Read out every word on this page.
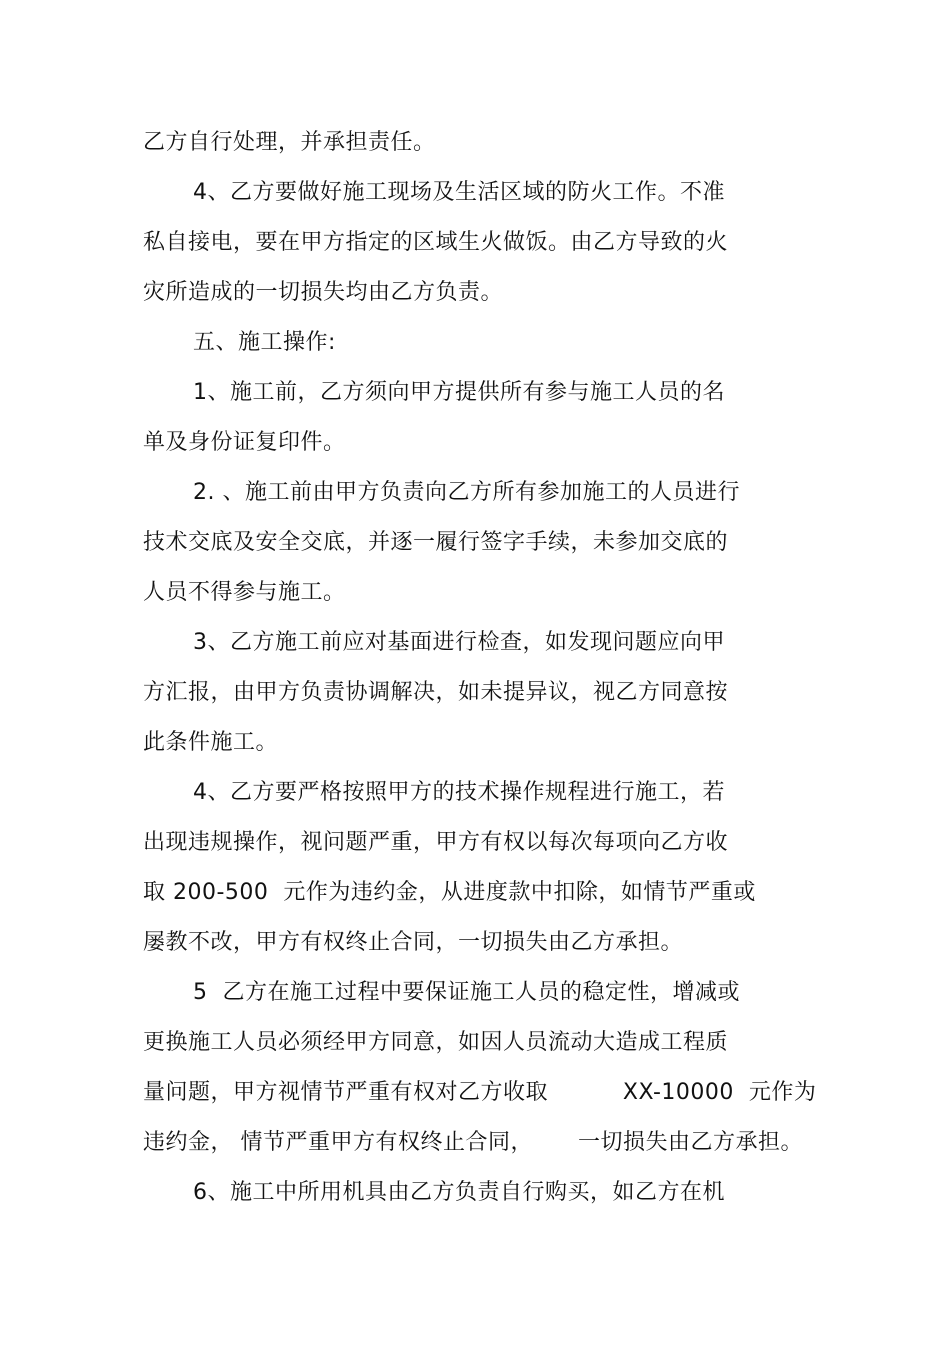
乙方自行处理，并承担责任。
4、乙方要做好施工现场及生活区域的防火工作。不准
私自接电，要在甲方指定的区域生火做饭。由乙方导致的火
灾所造成的一切损失均由乙方负责。
五、施工操作:
1、施工前，乙方须向甲方提供所有参与施工人员的名
单及身份证复印件。
2. 、施工前由甲方负责向乙方所有参加施工的人员进行
技术交底及安全交底，并逐一履行签字手续，未参加交底的
人员不得参与施工。
3、乙方施工前应对基面进行检查，如发现问题应向甲
方汇报，由甲方负责协调解决，如未提异议，视乙方同意按
此条件施工。
4、乙方要严格按照甲方的技术操作规程进行施工，若
出现违规操作，视问题严重，甲方有权以每次每项向乙方收
取 200-500  元作为违约金，从进度款中扣除，如情节严重或
屡教不改，甲方有权终止合同，一切损失由乙方承担。
5  乙方在施工过程中要保证施工人员的稳定性，增减或
更换施工人员必须经甲方同意，如因人员流动大造成工程质
量问题，甲方视情节严重有权对乙方收取          XX-10000  元作为
违约金， 情节严重甲方有权终止合同，      一切损失由乙方承担。
6、施工中所用机具由乙方负责自行购买，如乙方在机
